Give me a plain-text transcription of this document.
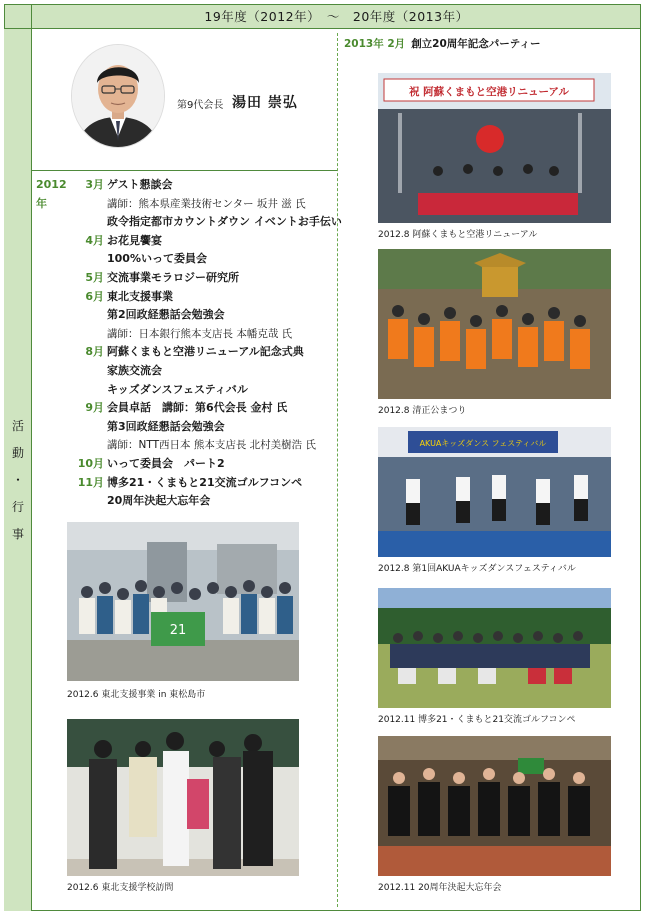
19年度（2012年）　～　20年度（2013年）
活
動
・
行
事
第9代会長 湯田 崇弘
2012年
3月 ゲスト懇談会
講師：熊本県産業技術センター 坂井 滋 氏
政令指定都市カウントダウン イベントお手伝い
4月 お花見饗宴
100%いって委員会
5月 交流事業モラロジー研究所
6月 東北支援事業
第2回政経懇話会勉強会
講師：日本銀行熊本支店長 本幡克哉 氏
8月 阿蘇くまもと空港リニューアル記念式典
家族交流会
キッズダンスフェスティバル
9月 会員卓話　講師：第6代会長 金村 氏
第3回政経懇話会勉強会
講師：NTT西日本 熊本支店長 北村美樹浩 氏
10月 いって委員会　パート2
11月 博多21・くまもと21交流ゴルフコンペ
20周年決起大忘年会
21
2012.6 東北支援事業 in 東松島市
2012.6 東北支援学校訪問
2013年 2月 創立20周年記念パーティー
祝 阿蘇くまもと空港リニューアル
2012.8 阿蘇くまもと空港リニューアル
2012.8 清正公まつり
AKUAキッズダンス フェスティバル
2012.8 第1回AKUAキッズダンスフェスティバル
2012.11 博多21・くまもと21交流ゴルフコンペ
2012.11 20周年決起大忘年会
